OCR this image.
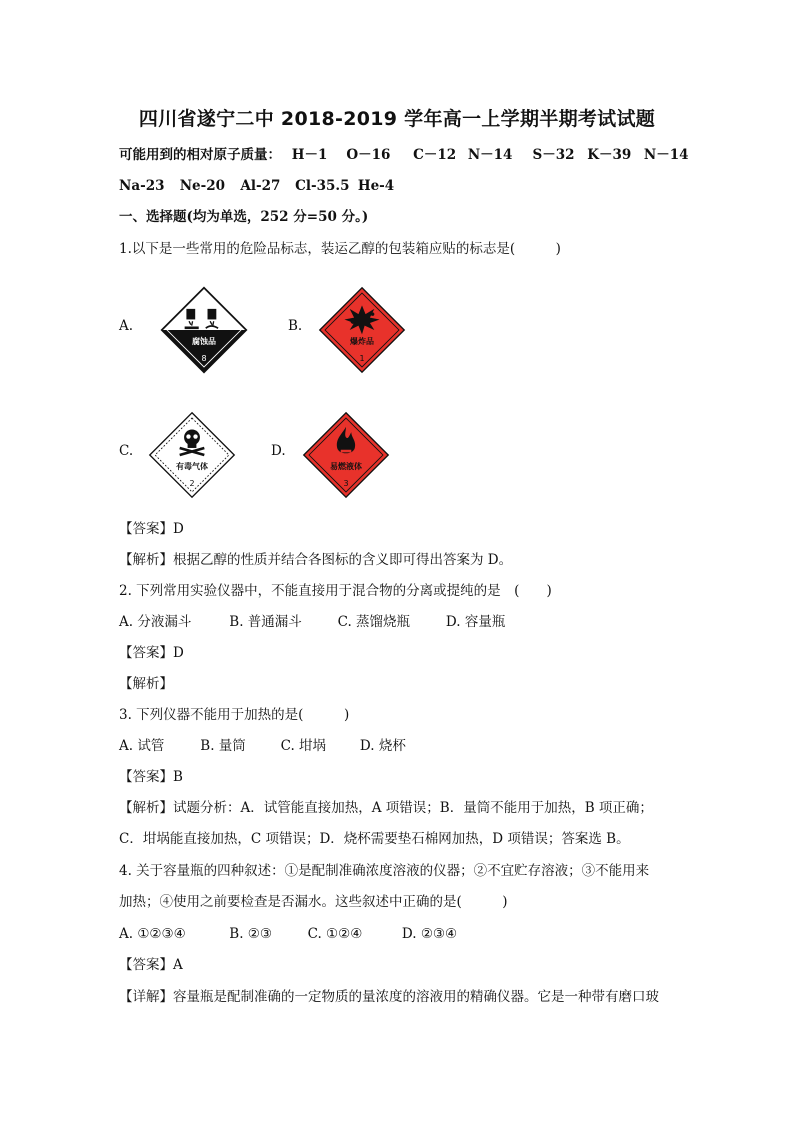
四川省遂宁二中 2018-2019 学年高一上学期半期考试试题
可能用到的相对原子质量： H－1 O－16 C－12 N－14 S－32 K－39 N－14
Na-23 Ne-20 Al-27 Cl-35.5 He-4
一、选择题(均为单选，252 分=50 分。)
1.以下是一些常用的危险品标志，装运乙醇的包装箱应贴的标志是(　　　)
A.
腐蚀品
8
B.
爆炸品
1
C.
有毒气体
2
D.
易燃液体
3
【答案】D
【解析】根据乙醇的性质并结合各图标的含义即可得出答案为 D。
2. 下列常用实验仪器中，不能直接用于混合物的分离或提纯的是　(　　)
A. 分液漏斗	B. 普通漏斗	C. 蒸馏烧瓶	D. 容量瓶
【答案】D
【解析】
3. 下列仪器不能用于加热的是(　　　)
A. 试管	B. 量筒	C. 坩埚	D. 烧杯
【答案】B
【解析】试题分析：A．试管能直接加热，A 项错误；B．量筒不能用于加热，B 项正确；
C．坩埚能直接加热，C 项错误；D．烧杯需要垫石棉网加热，D 项错误；答案选 B。
4. 关于容量瓶的四种叙述：①是配制准确浓度溶液的仪器；②不宜贮存溶液；③不能用来
加热；④使用之前要检查是否漏水。这些叙述中正确的是(　　　)
A. ①②③④	B. ②③	C. ①②④	D. ②③④
【答案】A
【详解】容量瓶是配制准确的一定物质的量浓度的溶液用的精确仪器。它是一种带有磨口玻
